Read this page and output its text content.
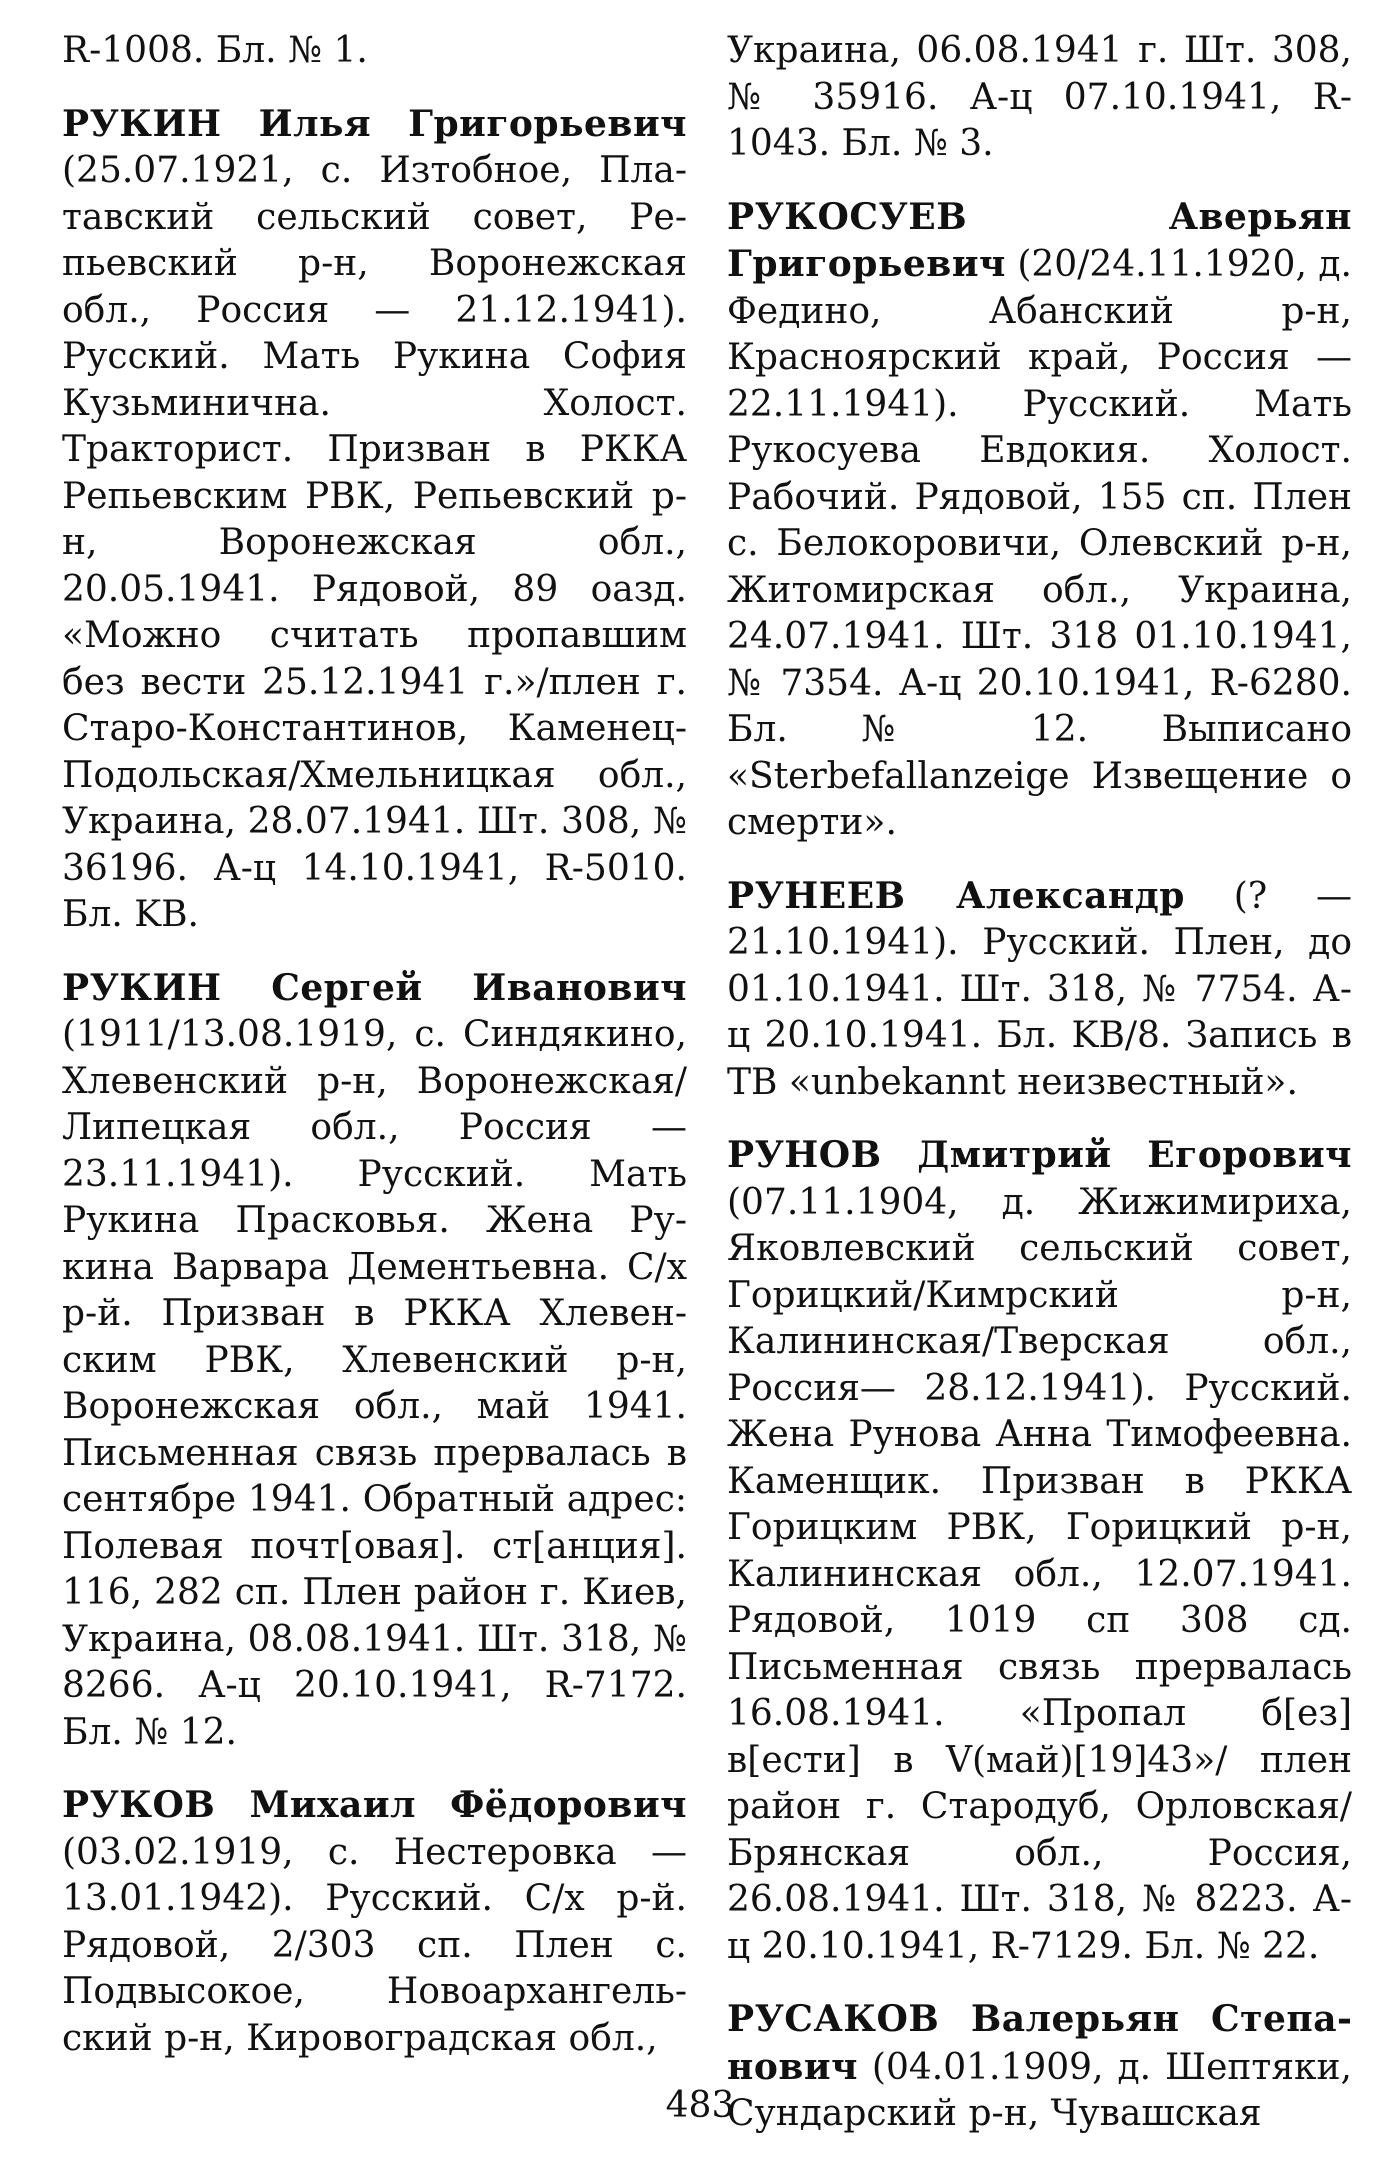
R-1008. Бл. № 1.

РУКИН Илья Григорьевич (25.07.1921, с. Изтобное, Плaтавский сельский совет, Репьевский р-н, Воронежская обл., Россия — 21.12.1941). Русский. Мать Рукина София Кузьминична. Холост. Тракторист. Призван в РККА Репьевским РВК, Репьевский р-н, Воронежская обл., 20.05.1941. Рядовой, 89 оазд. «Можно считать пропавшим без вести 25.12.1941 г.»/плен г. Старо-Константинов, Каменец-Подольская/Хмельницкая обл., Украина, 28.07.1941. Шт. 308, № 36196. А-ц 14.10.1941, R-5010. Бл. KB.

РУКИН Сергей Иванович (1911/13.08.1919, с. Синдякино, Хлевенский р-н, Воронежская/Липецкая обл., Россия — 23.11.1941). Русский. Мать Рукина Прасковья. Жена Рукина Варвара Дементьевна. С/х р-й. Призван в РККА Хлевенским РВК, Хлевенский р-н, Воронежская обл., май 1941. Письменная связь прервалась в сентябре 1941. Обратный адрес: Полевая почт[овая]. ст[анция]. 116, 282 сп. Плен район г. Киев, Украина, 08.08.1941. Шт. 318, № 8266. А-ц 20.10.1941, R-7172. Бл. № 12.

РУКОВ Михаил Фёдорович (03.02.1919, с. Нестеровка — 13.01.1942). Русский. С/х р-й. Рядовой, 2/303 сп. Плен с. Подвысокое, Новоархангельский р-н, Кировоградская обл.,

Украина, 06.08.1941 г. Шт. 308, № 35916. А-ц 07.10.1941, R-1043. Бл. № 3.

РУКОСУЕВ Аверьян Григорьевич (20/24.11.1920, д. Федино, Абанский р-н, Красноярский край, Россия — 22.11.1941). Русский. Мать Рукосуева Евдокия. Холост. Рабочий. Рядовой, 155 сп. Плен с. Белокоровичи, Олевский р-н, Житомирская обл., Украина, 24.07.1941. Шт. 318 01.10.1941, № 7354. А-ц 20.10.1941, R-6280. Бл. № 12. Выписано «Sterbefallanzeige Извещение о смерти».

РУНЕЕВ Александр (? — 21.10.1941). Русский. Плен, до 01.10.1941. Шт. 318, № 7754. А-ц 20.10.1941. Бл. KB/8. Запись в ТВ «unbekannt неизвестный».

РУНОВ Дмитрий Егорович (07.11.1904, д. Жижимириха, Яковлевский сельский совет, Горицкий/Кимрский р-н, Калининская/Тверская обл., Россия— 28.12.1941). Русский. Жена Рунова Анна Тимофеевна. Каменщик. Призван в РККА Горицким РВК, Горицкий р-н, Калининская обл., 12.07.1941. Рядовой, 1019 сп 308 сд. Письменная связь прервалась 16.08.1941. «Пропал б[ез] в[ести] в V(май)[19]43»/ плен район г. Стародуб, Орловская/Брянская обл., Россия, 26.08.1941. Шт. 318, № 8223. А-ц 20.10.1941, R-7129. Бл. № 22.

РУСАКОВ Валерьян Степанович (04.01.1909, д. Шептяки, Сундарский р-н, Чувашская

483
